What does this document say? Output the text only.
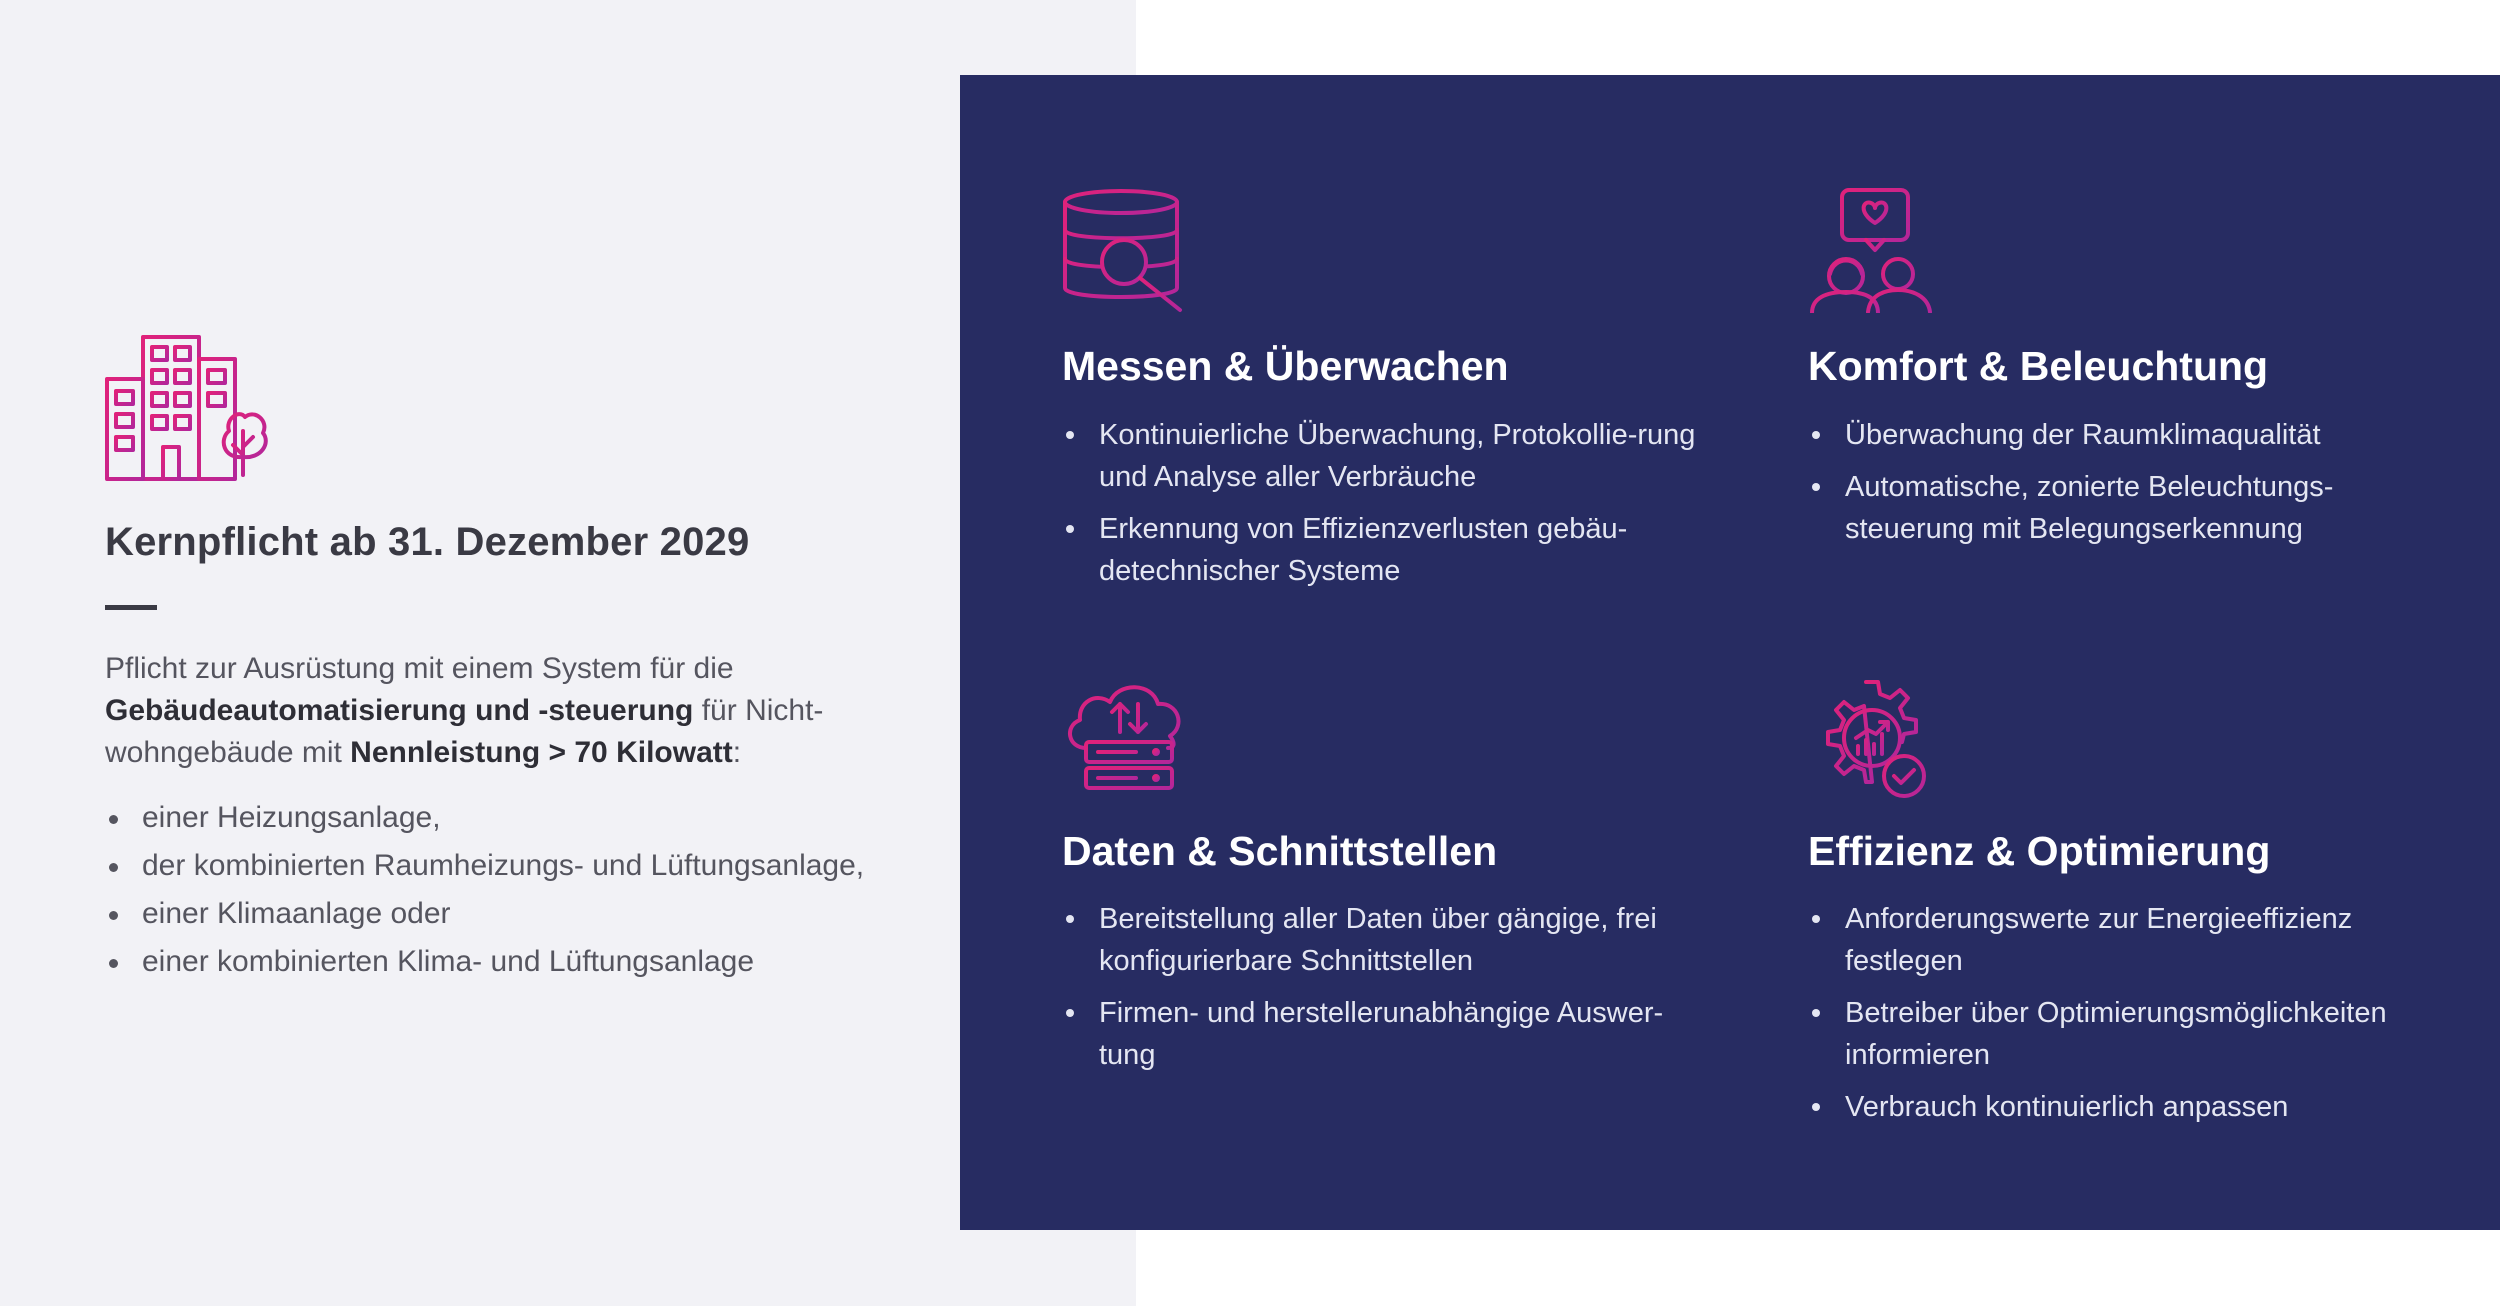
Kernpflicht ab 31. Dezember 2029

Pflicht zur Ausrüstung mit einem System für die Gebäudeautomatisierung und -steuerung für Nicht-wohngebäude mit Nennleistung > 70 Kilowatt:

einer Heizungsanlage,
der kombinierten Raumheizungs- und Lüftungsanlage,
einer Klimaanlage oder
einer kombinierten Klima- und Lüftungsanlage
Messen & Überwachen
Kontinuierliche Überwachung, Protokollie-rung und Analyse aller Verbräuche
Erkennung von Effizienzverlusten gebäu-detechnischer Systeme
Komfort & Beleuchtung
Überwachung der Raumklimaqualität
Automatische, zonierte Beleuchtungs-steuerung mit Belegungserkennung
Daten & Schnittstellen
Bereitstellung aller Daten über gängige, frei konfigurierbare Schnittstellen
Firmen- und herstellerunabhängige Auswer-tung
Effizienz & Optimierung
Anforderungswerte zur Energieeffizienz festlegen
Betreiber über Optimierungsmöglichkeiten informieren
Verbrauch kontinuierlich anpassen
